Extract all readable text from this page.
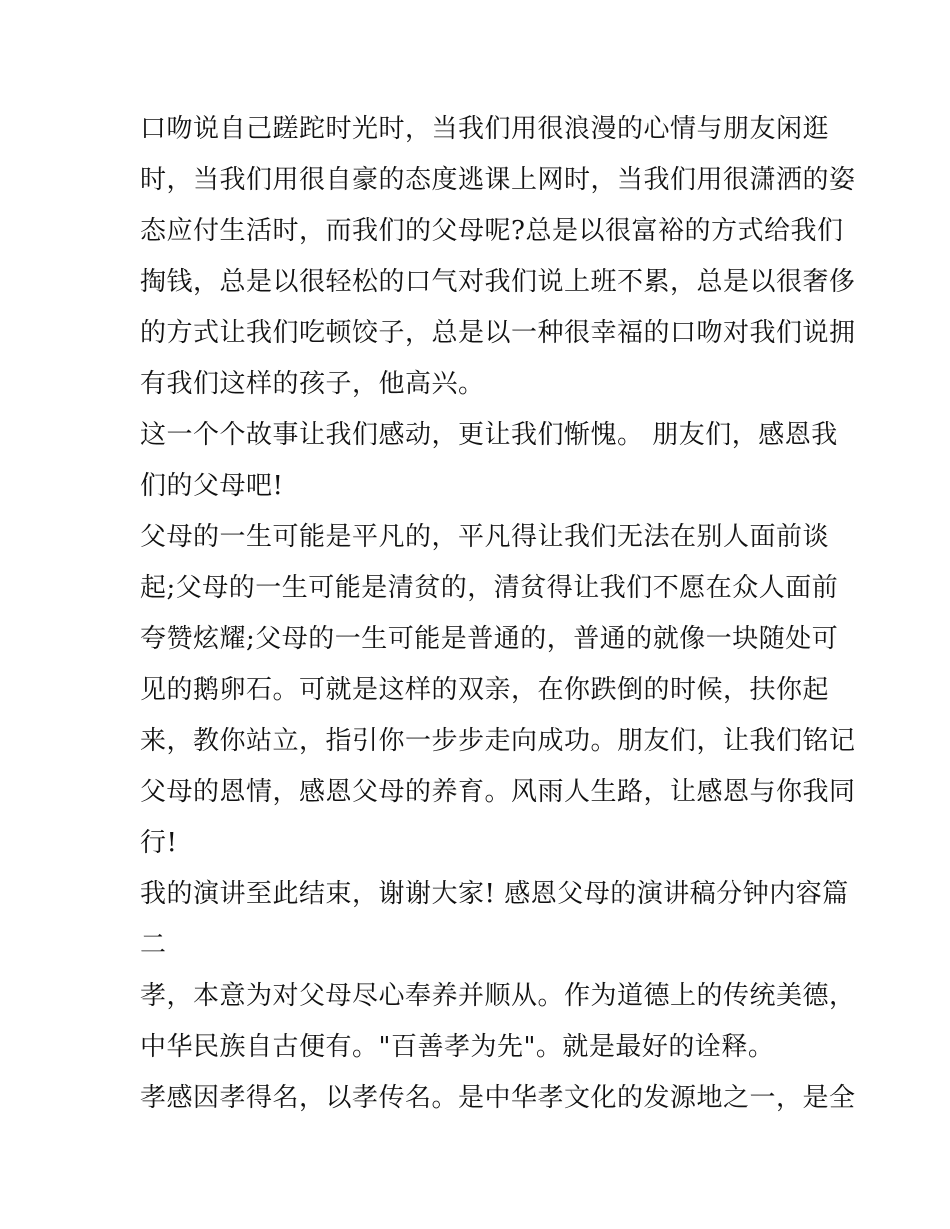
口吻说自己蹉跎时光时，当我们用很浪漫的心情与朋友闲逛
时，当我们用很自豪的态度逃课上网时，当我们用很潇洒的姿
态应付生活时，而我们的父母呢?总是以很富裕的方式给我们
掏钱，总是以很轻松的口气对我们说上班不累，总是以很奢侈
的方式让我们吃顿饺子，总是以一种很幸福的口吻对我们说拥
有我们这样的孩子，他高兴。
这一个个故事让我们感动，更让我们惭愧。 朋友们，感恩我
们的父母吧!
父母的一生可能是平凡的，平凡得让我们无法在别人面前谈
起;父母的一生可能是清贫的，清贫得让我们不愿在众人面前
夸赞炫耀;父母的一生可能是普通的，普通的就像一块随处可
见的鹅卵石。可就是这样的双亲，在你跌倒的时候，扶你起
来，教你站立，指引你一步步走向成功。朋友们，让我们铭记
父母的恩情，感恩父母的养育。风雨人生路，让感恩与你我同
行!
我的演讲至此结束，谢谢大家! 感恩父母的演讲稿分钟内容篇
二
孝，本意为对父母尽心奉养并顺从。作为道德上的传统美德，
中华民族自古便有。"百善孝为先"。就是最好的诠释。
孝感因孝得名，以孝传名。是中华孝文化的发源地之一，是全
